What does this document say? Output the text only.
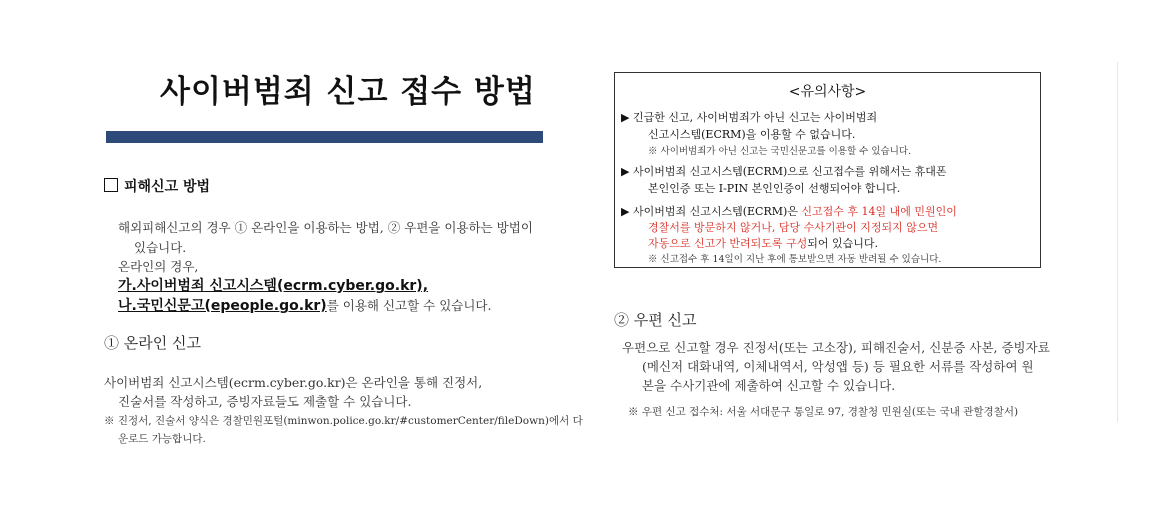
사이버범죄 신고 접수 방법
피해신고 방법
해외피해신고의 경우 ① 온라인을 이용하는 방법, ② 우편을 이용하는 방법이
있습니다.
온라인의 경우,
가.사이버범죄 신고시스템(ecrm.cyber.go.kr),
나.국민신문고(epeople.go.kr)를 이용해 신고할 수 있습니다.
① 온라인 신고
사이버범죄 신고시스템(ecrm.cyber.go.kr)은 온라인을 통해 진정서,
진술서를 작성하고, 증빙자료들도 제출할 수 있습니다.
※ 진정서, 진술서 양식은 경찰민원포털(minwon.police.go.kr/#customerCenter/fileDown)에서 다
운로드 가능합니다.
<유의사항>
▶ 긴급한 신고, 사이버범죄가 아닌 신고는 사이버범죄
신고시스템(ECRM)을 이용할 수 없습니다.
※ 사이버범죄가 아닌 신고는 국민신문고를 이용할 수 있습니다.
▶ 사이버범죄 신고시스템(ECRM)으로 신고접수를 위해서는 휴대폰
본인인증 또는 I-PIN 본인인증이 선행되어야 합니다.
▶ 사이버범죄 신고시스템(ECRM)은 신고접수 후 14일 내에 민원인이
경찰서를 방문하지 않거나, 담당 수사기관이 지정되지 않으면
자동으로 신고가 반려되도록 구성되어 있습니다.
※ 신고접수 후 14일이 지난 후에 통보받으면 자동 반려될 수 있습니다.
② 우편 신고
우편으로 신고할 경우 진정서(또는 고소장), 피해진술서, 신분증 사본, 증빙자료
(메신저 대화내역, 이체내역서, 악성앱 등) 등 필요한 서류를 작성하여 원
본을 수사기관에 제출하여 신고할 수 있습니다.
※ 우편 신고 접수처: 서울 서대문구 통일로 97, 경찰청 민원실(또는 국내 관할경찰서)
